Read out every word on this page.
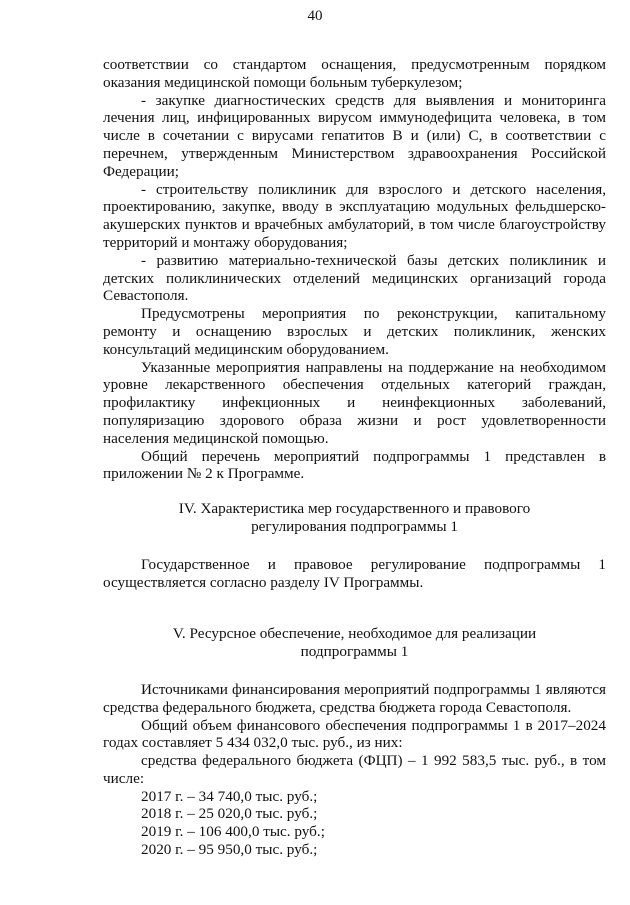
40

соответствии со стандартом оснащения, предусмотренным порядком оказания медицинской помощи больным туберкулезом;

- закупке диагностических средств для выявления и мониторинга лечения лиц, инфицированных вирусом иммунодефицита человека, в том числе в сочетании с вирусами гепатитов В и (или) С, в соответствии с перечнем, утвержденным Министерством здравоохранения Российской Федерации;

- строительству поликлиник для взрослого и детского населения, проектированию, закупке, вводу в эксплуатацию модульных фельдшерско-акушерских пунктов и врачебных амбулаторий, в том числе благоустройству территорий и монтажу оборудования;

- развитию материально-технической базы детских поликлиник и детских поликлинических отделений медицинских организаций города Севастополя.

Предусмотрены мероприятия по реконструкции, капитальному ремонту и оснащению взрослых и детских поликлиник, женских консультаций медицинским оборудованием.

Указанные мероприятия направлены на поддержание на необходимом уровне лекарственного обеспечения отдельных категорий граждан, профилактику инфекционных и неинфекционных заболеваний, популяризацию здорового образа жизни и рост удовлетворенности населения медицинской помощью.

Общий перечень мероприятий подпрограммы 1 представлен в приложении № 2 к Программе.

IV. Характеристика мер государственного и правового

регулирования подпрограммы 1

Государственное и правовое регулирование подпрограммы 1 осуществляется согласно разделу IV Программы.

V. Ресурсное обеспечение, необходимое для реализации

подпрограммы 1

Источниками финансирования мероприятий подпрограммы 1 являются средства федерального бюджета, средства бюджета города Севастополя.

Общий объем финансового обеспечения подпрограммы 1 в 2017–2024 годах составляет 5 434 032,0 тыс. руб., из них:

средства федерального бюджета (ФЦП) – 1 992 583,5 тыс. руб., в том числе:

2017 г. – 34 740,0 тыс. руб.;

2018 г. – 25 020,0 тыс. руб.;

2019 г. – 106 400,0 тыс. руб.;

2020 г. – 95 950,0 тыс. руб.;
